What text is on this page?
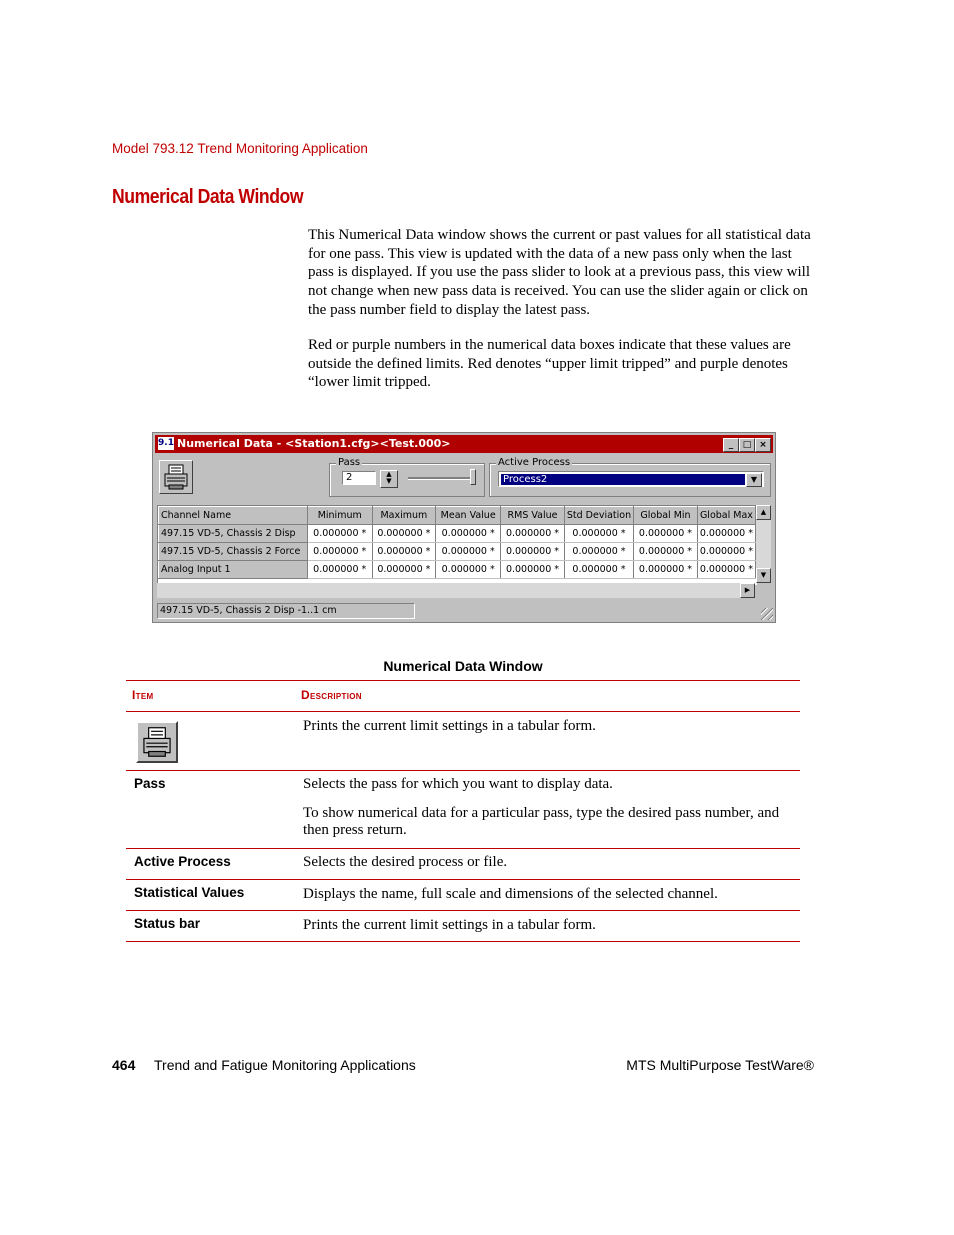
Model 793.12 Trend Monitoring Application
Numerical Data Window
This Numerical Data window shows the current or past values for all statistical data for one pass. This view is updated with the data of a new pass only when the last pass is displayed. If you use the pass slider to look at a previous pass, this view will not change when new pass data is received. You can use the slider again or click on the pass number field to display the latest pass.
Red or purple numbers in the numerical data boxes indicate that these values are outside the defined limits. Red denotes “upper limit tripped” and purple denotes “lower limit tripped.
9.1 Numerical Data - <Station1.cfg><Test.000>	_	□ ×
Pass
2	▲
▼
Active Process
Process2	▼
Channel Name	Minimum	Maximum	Mean Value	RMS Value	Std Deviation	Global Min	Global Max
497.15 VD-5, Chassis 2 Disp	0.000000 *	0.000000 *	0.000000 *	0.000000 *	0.000000 *	0.000000 *	0.000000 *
497.15 VD-5, Chassis 2 Force	0.000000 *	0.000000 *	0.000000 *	0.000000 *	0.000000 *	0.000000 *	0.000000 *
Analog Input 1	0.000000 *	0.000000 *	0.000000 *	0.000000 *	0.000000 *	0.000000 *	0.000000 *
▲
▼
▶
497.15 VD-5, Chassis 2 Disp -1..1 cm
Numerical Data Window
Item	Description
Prints the current limit settings in a tabular form.
Pass	Selects the pass for which you want to display data.
To show numerical data for a particular pass, type the desired pass number, and then press return.
Active Process	Selects the desired process or file.
Statistical Values	Displays the name, full scale and dimensions of the selected channel.
Status bar	Prints the current limit settings in a tabular form.
464 Trend and Fatigue Monitoring Applications	MTS MultiPurpose TestWare®
